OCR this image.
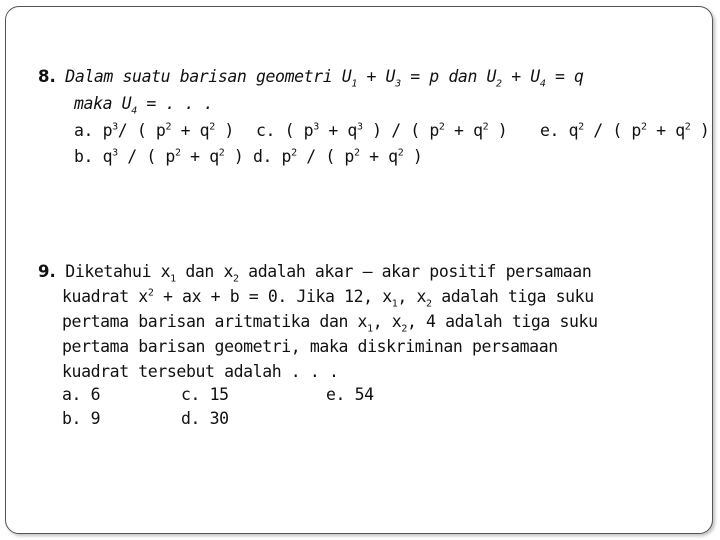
8. Dalam suatu barisan geometri $U_1 + U_3 = p$ dan $U_2 + U_4 = q$
maka $U_4$ = . . .
a. $p^3/$ ( $p^2 + q^2$ ) c. ( $p^3 + q^3$ ) / ( $p^2 + q^2$ ) e. $q^2$ / ( $p^2 + q^2$ )
b. $q^3$ / ( $p^2 + q^2$ ) d. $p^2$ / ( $p^2 + q^2$ )
9. Diketahui $x_1$ dan $x_2$ adalah akar – akar positif persamaan
kuadrat $x^2$ + ax + b = 0. Jika 12, $x_1$, $x_2$ adalah tiga suku
pertama barisan aritmatika dan $x_1$, $x_2$, 4 adalah tiga suku
pertama barisan geometri, maka diskriminan persamaan
kuadrat tersebut adalah . . .
a. 6	c. 15	e. 54
b. 9	d. 30
